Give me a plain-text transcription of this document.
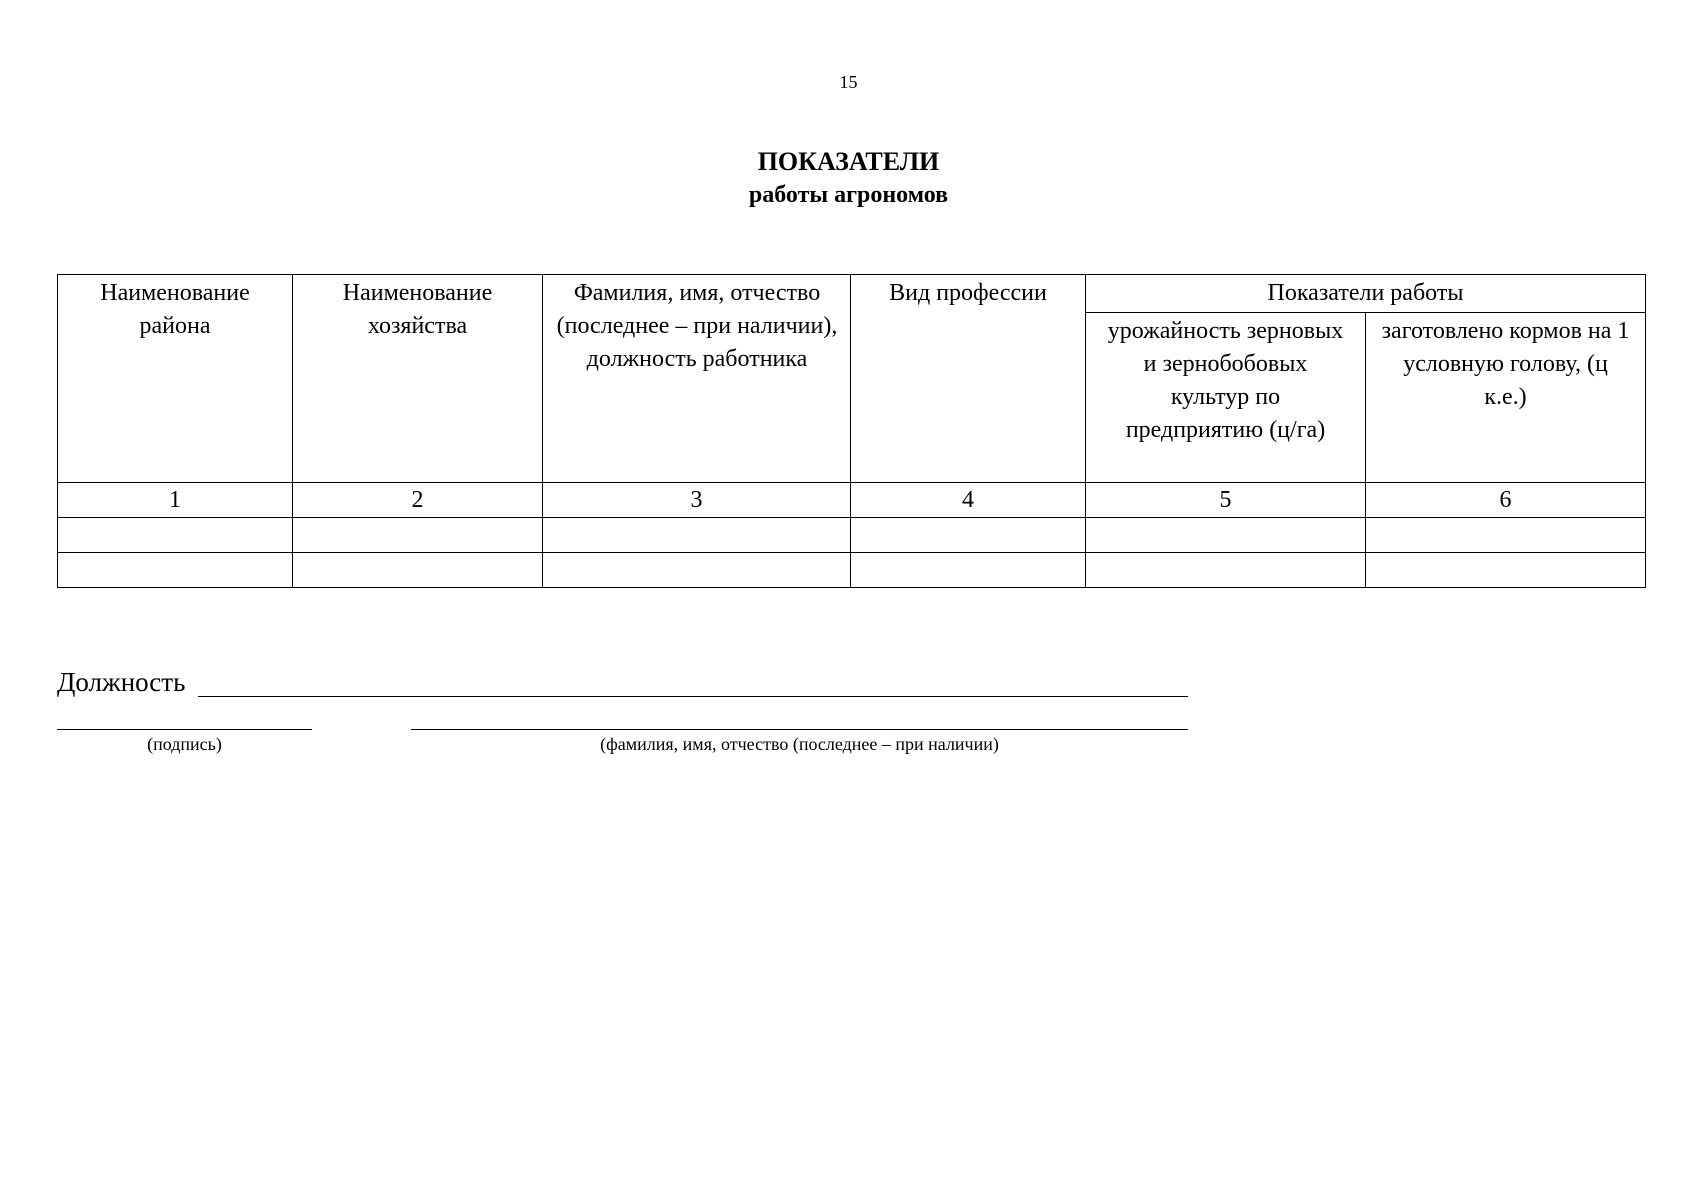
15
ПОКАЗАТЕЛИ
работы агрономов
Наименование района	Наименование хозяйства	Фамилия, имя, отчество (последнее – при наличии), должность работника	Вид профессии	Показатели работы	

				урожайность зерновых и зернобобовых культур по предприятию (ц/га)	заготовлено кормов на 1 условную голову, (ц к.е.)

1	2	3	4	5	6

Должность
(подпись)	(фамилия, имя, отчество (последнее – при наличии)
